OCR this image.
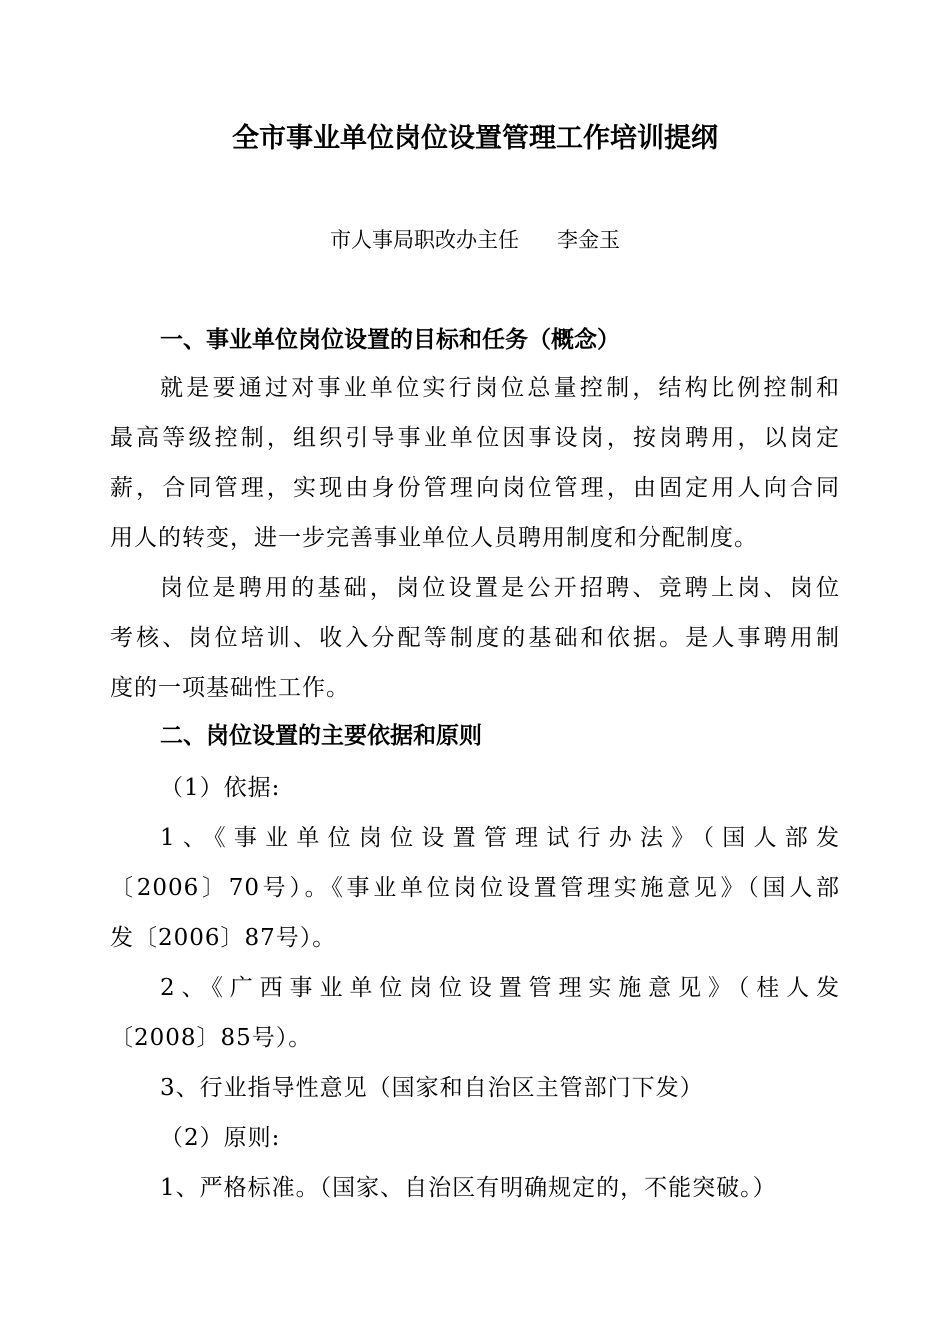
全市事业单位岗位设置管理工作培训提纲
市人事局职改办主任 李金玉
一、事业单位岗位设置的目标和任务（概念）
就是要通过对事业单位实行岗位总量控制，结构比例控制和
最高等级控制，组织引导事业单位因事设岗，按岗聘用，以岗定
薪，合同管理，实现由身份管理向岗位管理，由固定用人向合同
用人的转变，进一步完善事业单位人员聘用制度和分配制度。
岗位是聘用的基础，岗位设置是公开招聘、竞聘上岗、岗位
考核、岗位培训、收入分配等制度的基础和依据。是人事聘用制
度的一项基础性工作。
二、岗位设置的主要依据和原则
（1）依据:
1、《事业单位岗位设置管理试行办法》（国人部发
〔2006〕70号）。《事业单位岗位设置管理实施意见》（国人部
发〔2006〕87号）。
2、《广西事业单位岗位设置管理实施意见》（桂人发
〔2008〕85号）。
3、行业指导性意见（国家和自治区主管部门下发）
（2）原则:
1、严格标准。（国家、自治区有明确规定的，不能突破。）
